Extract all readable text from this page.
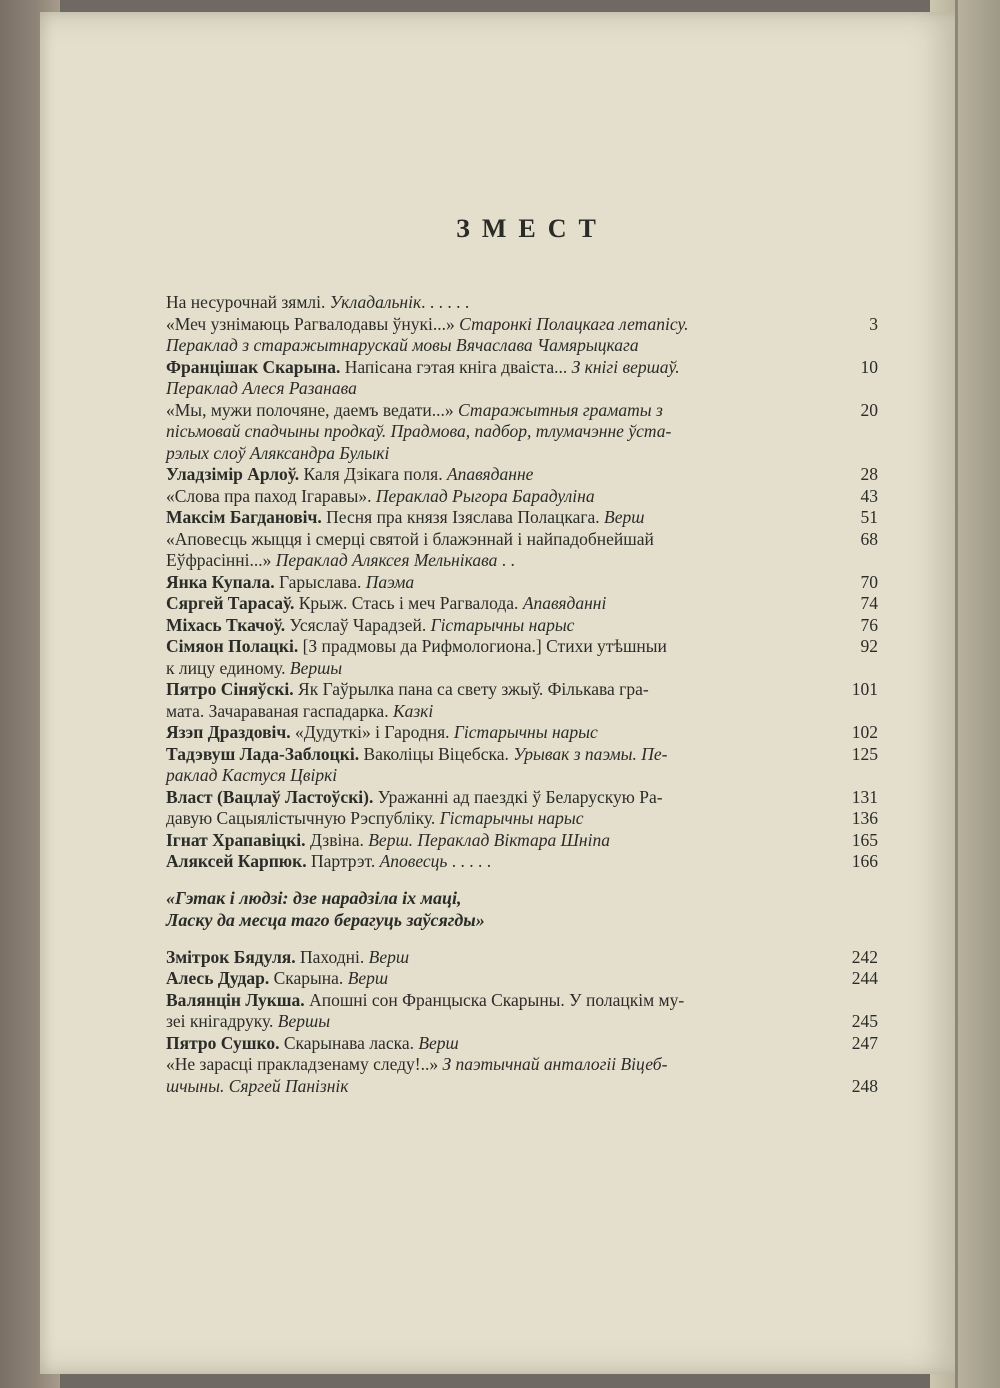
ЗМЕСТ
На несурочнай зямлі. Укладальнік. . . . . .
«Меч узнімаюць Рагвалодавы ўнукі...» Старонкі Полацкага летапісу.	3
Пераклад з старажытнарускай мовы Вячаслава Чамярыцкага
Францішак Скарына. Напісана гэтая кніга дваіста... З кнігі вершаў.	10
Пераклад Алеся Разанава
«Мы, мужи полочяне, даемъ ведати...» Старажытныя граматы з	20
пісьмовай спадчыны продкаў. Прадмова, падбор, тлумачэнне ўста-
рэлых слоў Аляксандра Булыкі
Уладзімір Арлоў. Каля Дзікага поля. Апавяданне	28
«Слова пра паход Ігаравы». Пераклад Рыгора Барадуліна	43
Максім Багдановіч. Песня пра князя Ізяслава Полацкага. Верш	51
«Аповесць жыцця і смерці святой і блажэннай і найпадобнейшай	68
Еўфрасінні...» Пераклад Аляксея Мельнікава . .
Янка Купала. Гарыслава. Паэма	70
Сяргей Тарасаў. Крыж. Стась і меч Рагвалода. Апавяданні	74
Міхась Ткачоў. Усяслаў Чарадзей. Гістарычны нарыс	76
Сімяон Полацкі. [З прадмовы да Рифмологиона.] Стихи утѣшныи	92
к лицу единому. Вершы
Пятро Сіняўскі. Як Гаўрылка пана са свету зжыў. Фількава гра-	101
мата. Зачараваная гаспадарка. Казкі
Язэп Драздовіч. «Дудуткі» і Гародня. Гістарычны нарыс	102
Тадэвуш Лада-Заблоцкі. Ваколіцы Віцебска. Урывак з паэмы. Пе-	125
раклад Кастуся Цвіркі
Власт (Вацлаў Ластоўскі). Уражанні ад паездкі ў Беларускую Ра-	131
давую Сацыялістычную Рэспубліку. Гістарычны нарыс	136
Ігнат Храпавіцкі. Дзвіна. Верш. Пераклад Віктара Шніпа	165
Аляксей Карпюк. Партрэт. Аповесць . . . . .	166
«Гэтак і людзі: дзе нарадзіла іх маці,
Ласку да месца таго берагуць заўсягды»
Змітрок Бядуля. Паходні. Верш	242
Алесь Дудар. Скарына. Верш	244
Валянцін Лукша. Апошні сон Францыска Скарыны. У полацкім му-
зеі кнігадруку. Вершы	245
Пятро Сушко. Скарынава ласка. Верш	247
«Не зарасці пракладзенаму следу!..» З паэтычнай анталогіі Віцеб-
шчыны. Сяргей Панізнік	248
